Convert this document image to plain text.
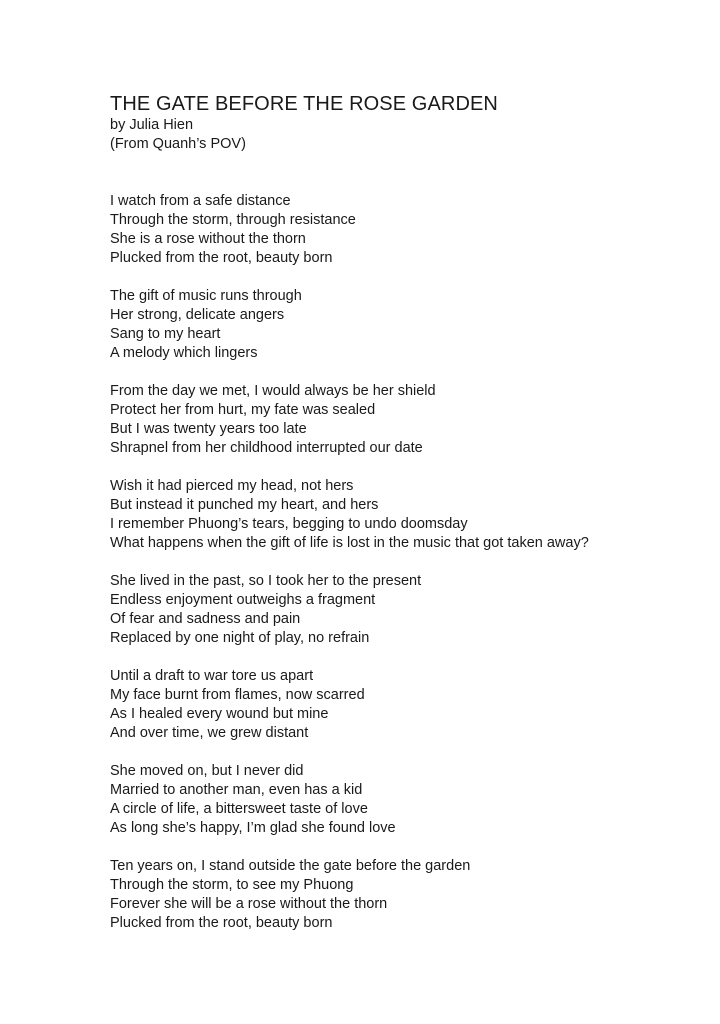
THE GATE BEFORE THE ROSE GARDEN

by Julia Hien

(From Quanh’s POV)

I watch from a safe distance
Through the storm, through resistance
She is a rose without the thorn
Plucked from the root, beauty born
The gift of music runs through
Her strong, delicate angers
Sang to my heart
A melody which lingers
From the day we met, I would always be her shield
Protect her from hurt, my fate was sealed
But I was twenty years too late
Shrapnel from her childhood interrupted our date
Wish it had pierced my head, not hers
But instead it punched my heart, and hers
I remember Phuong’s tears, begging to undo doomsday
What happens when the gift of life is lost in the music that got taken away?
She lived in the past, so I took her to the present
Endless enjoyment outweighs a fragment
Of fear and sadness and pain
Replaced by one night of play, no refrain
Until a draft to war tore us apart
My face burnt from flames, now scarred
As I healed every wound but mine
And over time, we grew distant
She moved on, but I never did
Married to another man, even has a kid
A circle of life, a bittersweet taste of love
As long she’s happy, I’m glad she found love
Ten years on, I stand outside the gate before the garden
Through the storm, to see my Phuong
Forever she will be a rose without the thorn
Plucked from the root, beauty born
